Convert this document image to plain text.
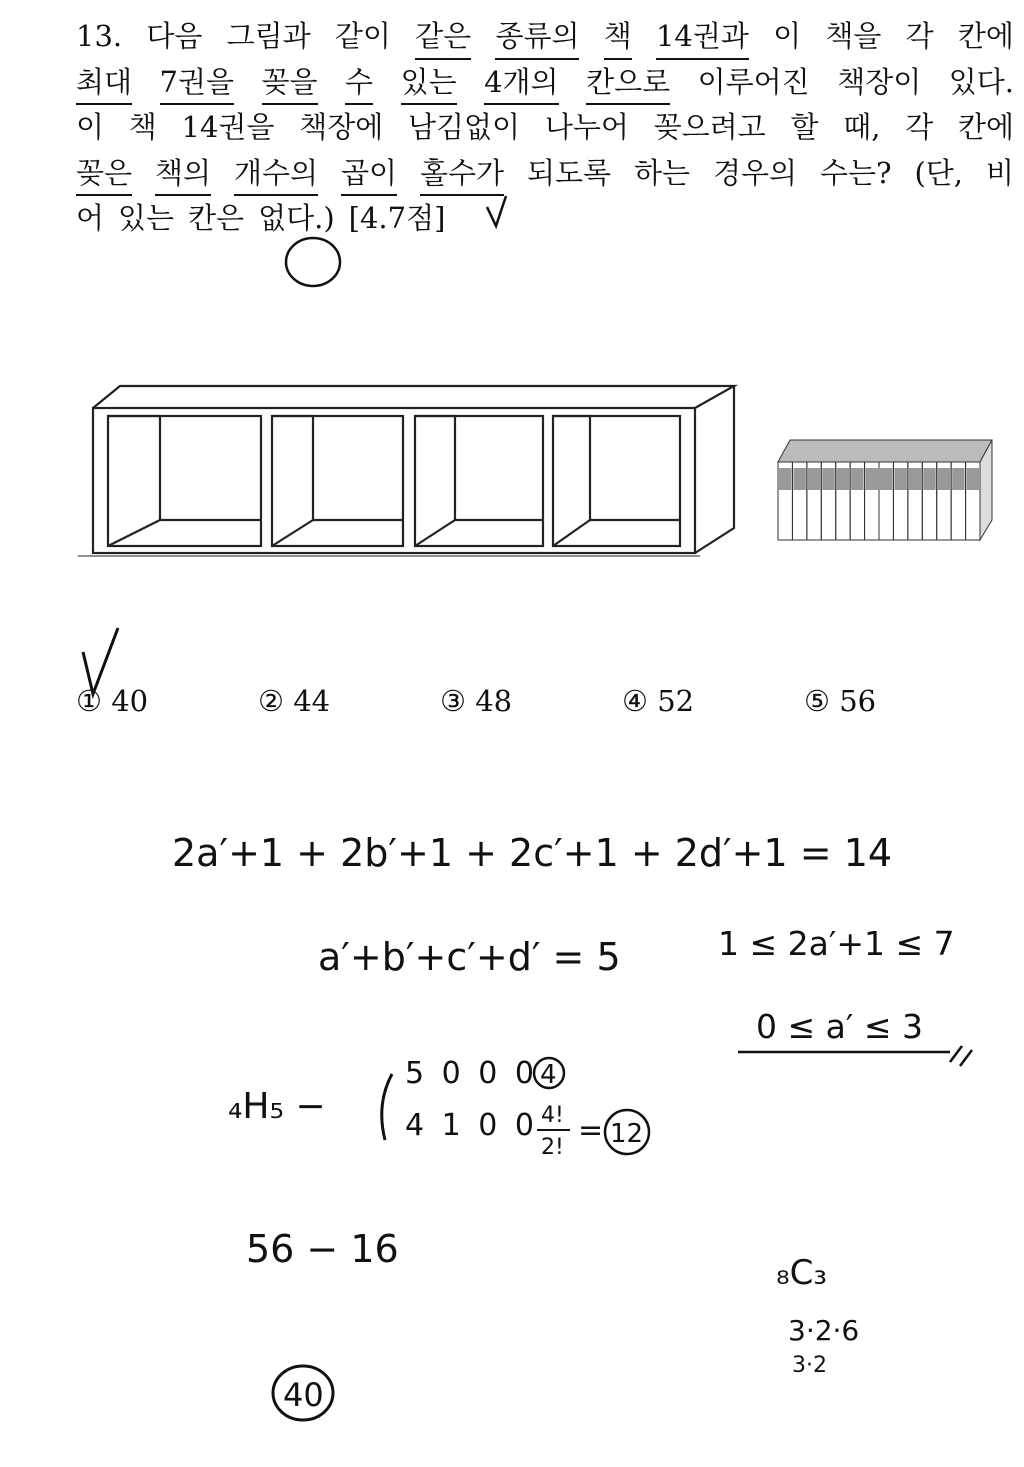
13. 다음 그림과 같이 같은 종류의 책 14권과 이 책을 각 칸에
최대 7권을 꽂을 수 있는 4개의 칸으로 이루어진 책장이 있다.
이 책 14권을 책장에 남김없이 나누어 꽂으려고 할 때, 각 칸에
꽂은 책의 개수의 곱이 홀수가 되도록 하는 경우의 수는? (단, 비
어 있는 칸은 없다.) [4.7점]
① 40	② 44	③ 48	④ 52	⑤ 56
2a′+1 + 2b′+1 + 2c′+1 + 2d′+1 = 14
a′+b′+c′+d′ = 5	1 ≤ 2a′+1 ≤ 7
0 ≤ a′ ≤ 3
₄H₅ −
5 0 0 0 4
4 1 0 0 4!
2! = 12
56 − 16
₈C₃
3·2·6
3·2
40
